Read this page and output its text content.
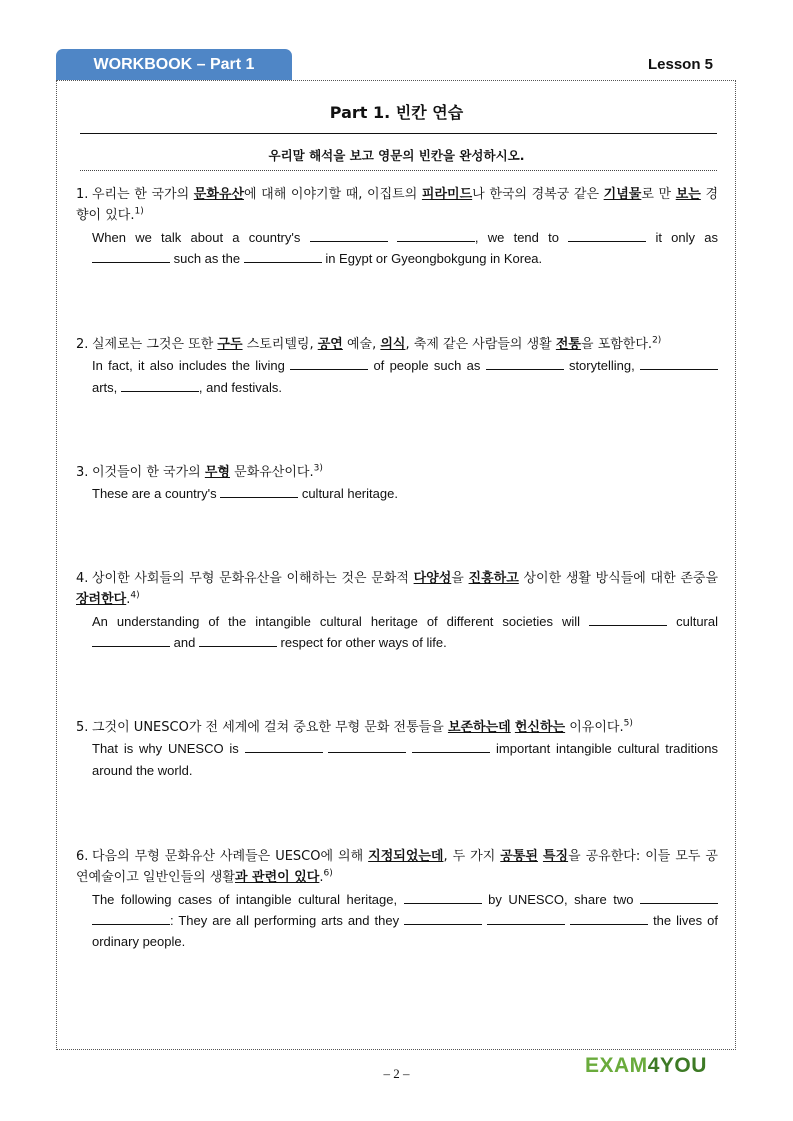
WORKBOOK – Part 1	Lesson 5
Part 1. 빈칸 연습
우리말 해석을 보고 영문의 빈칸을 완성하시오.
1. 우리는 한 국가의 문화유산에 대해 이야기할 때, 이집트의 피라미드나 한국의 경복궁 같은 기념물로 만 보는 경향이 있다.$^{1)}$
When we talk about a country's	, we tend to	it only as  such as the	in Egypt or Gyeongbokgung in Korea.
2. 실제로는 그것은 또한 구두 스토리텔링, 공연 예술, 의식, 축제 같은 사람들의 생활 전통을 포함한다.$^{2)}$
In fact, it also includes the living	of people such as	storytelling,  arts,	, and festivals.
3. 이것들이 한 국가의 무형 문화유산이다.$^{3)}$
These are a country's	cultural heritage.
4. 상이한 사회들의 무형 문화유산을 이해하는 것은 문화적 다양성을 진흥하고 상이한 생활 방식들에 대한 존중을 장려한다.$^{4)}$
An understanding of the intangible cultural heritage of different societies will	cultural  and	respect for other ways of life.
5. 그것이 UNESCO가 전 세계에 걸쳐 중요한 무형 문화 전통들을 보존하는데 헌신하는 이유이다.$^{5)}$
That is why UNESCO is	important intangible cultural traditions around the world.
6. 다음의 무형 문화유산 사례들은 UESCO에 의해 지정되었는데, 두 가지 공통된 특징을 공유한다: 이들 모두 공연예술이고 일반인들의 생활과 관련이 있다.$^{6)}$
The following cases of intangible cultural heritage,	by UNESCO, share two  : They are all performing arts and they	the lives of ordinary people.
– 2 –	EXAM4YOU
